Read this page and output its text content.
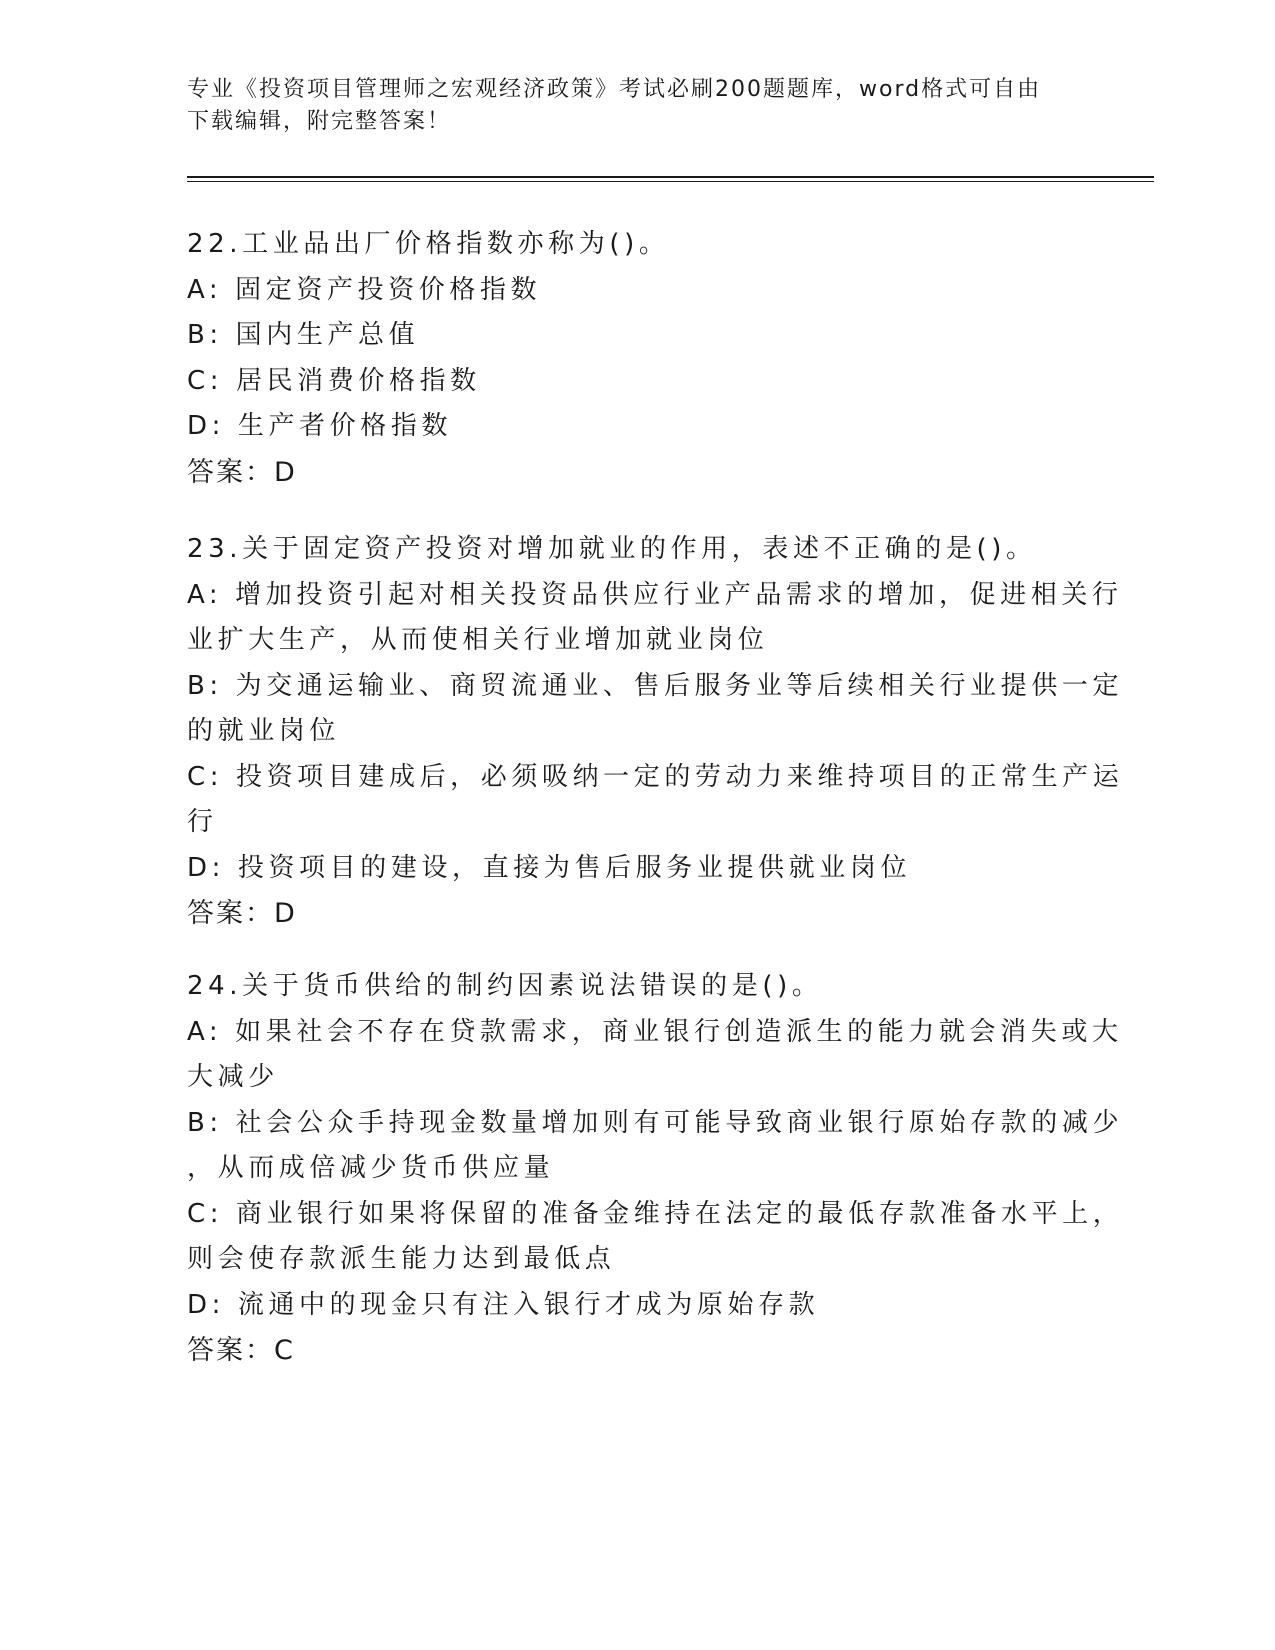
专业《投资项目管理师之宏观经济政策》考试必刷200题题库，word格式可自由
下载编辑，附完整答案！
22.工业品出厂价格指数亦称为()。
A: 固定资产投资价格指数
B: 国内生产总值
C: 居民消费价格指数
D: 生产者价格指数
答案：D
23.关于固定资产投资对增加就业的作用，表述不正确的是()。
A: 增加投资引起对相关投资品供应行业产品需求的增加，促进相关行
业扩大生产，从而使相关行业增加就业岗位
B: 为交通运输业、商贸流通业、售后服务业等后续相关行业提供一定
的就业岗位
C: 投资项目建成后，必须吸纳一定的劳动力来维持项目的正常生产运
行
D: 投资项目的建设，直接为售后服务业提供就业岗位
答案：D
24.关于货币供给的制约因素说法错误的是()。
A: 如果社会不存在贷款需求，商业银行创造派生的能力就会消失或大
大减少
B: 社会公众手持现金数量增加则有可能导致商业银行原始存款的减少
，从而成倍减少货币供应量
C: 商业银行如果将保留的准备金维持在法定的最低存款准备水平上，
则会使存款派生能力达到最低点
D: 流通中的现金只有注入银行才成为原始存款
答案：C
